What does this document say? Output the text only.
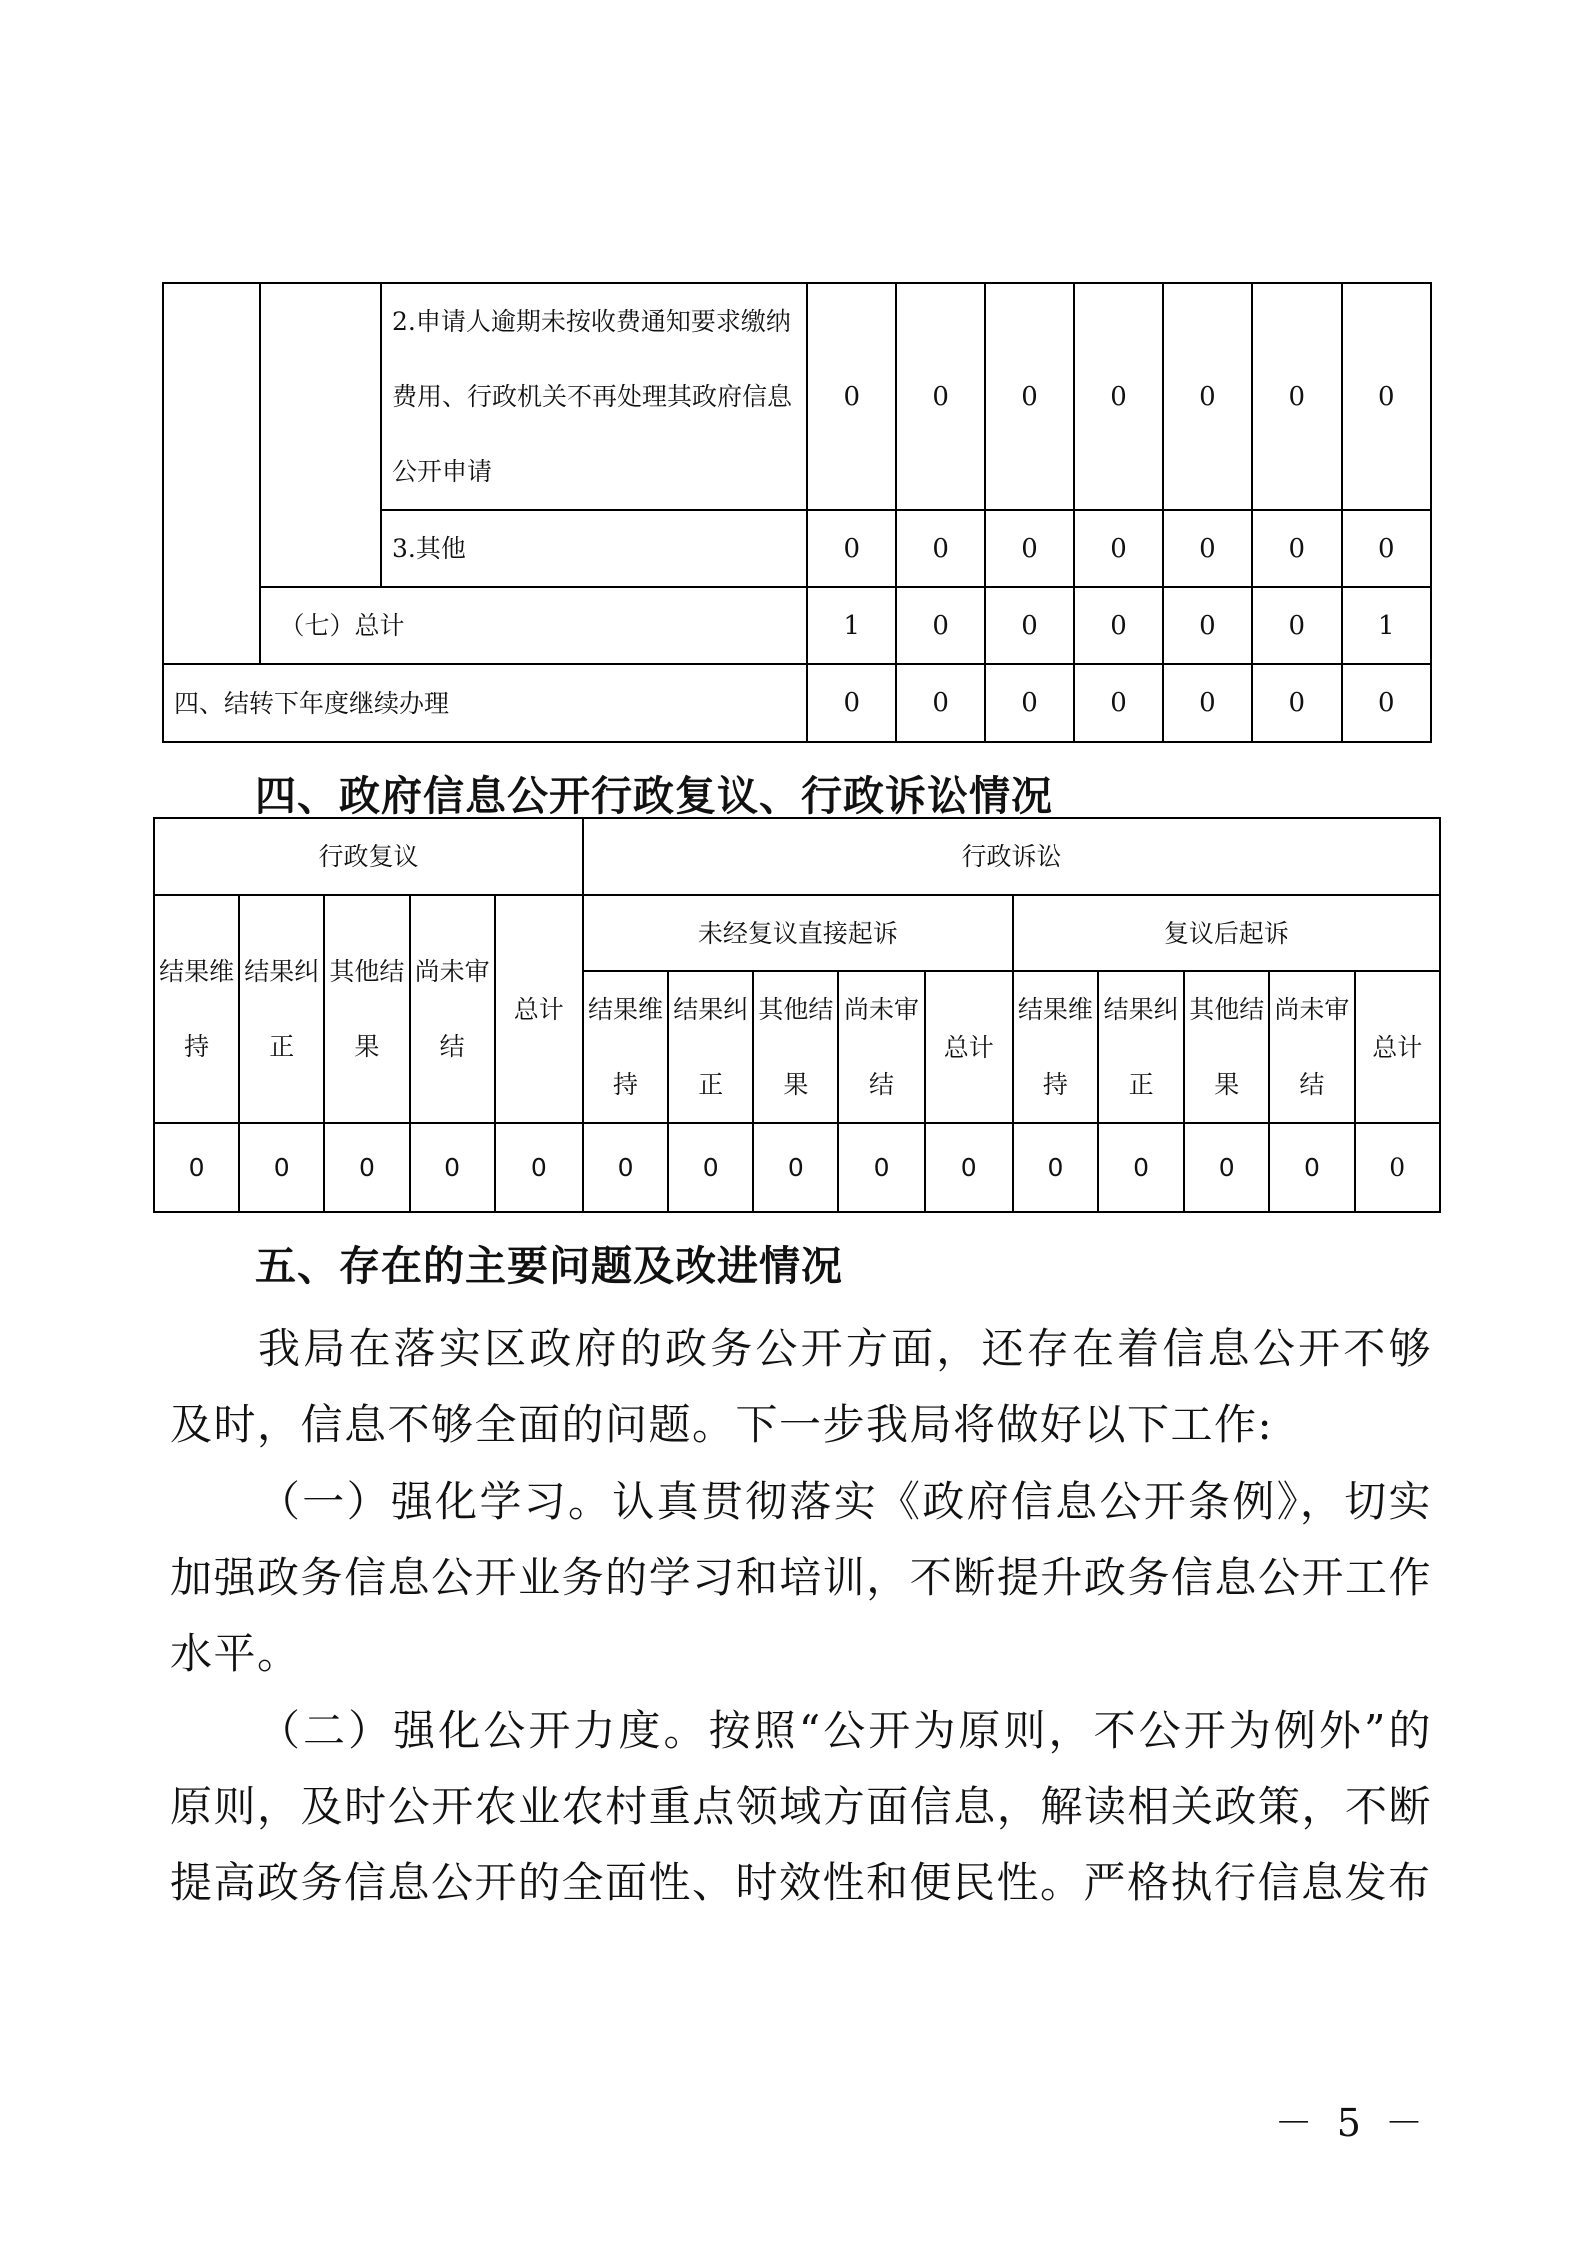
		2.申请人逾期未按收费通知要求缴纳费用、行政机关不再处理其政府信息公开申请	0	0	0	0	0	0	0
		3.其他	0	0	0	0	0	0	0
	（七）总计		1	0	0	0	0	0	1
四、结转下年度继续办理			0	0	0	0	0	0	0
四、政府信息公开行政复议、行政诉讼情况
行政复议					行政诉讼									
结果维持	结果纠正	其他结果	尚未审结	总计	未经复议直接起诉					复议后起诉				
					结果维持	结果纠正	其他结果	尚未审结	总计	结果维持	结果纠正	其他结果	尚未审结	总计
0	0	0	0	0	0	0	0	0	0	0	0	0	0	0
五、存在的主要问题及改进情况

我局在落实区政府的政务公开方面，还存在着信息公开不够及时，信息不够全面的问题。下一步我局将做好以下工作:

（一）强化学习。认真贯彻落实《政府信息公开条例》，切实加强政务信息公开业务的学习和培训，不断提升政务信息公开工作水平。

（二）强化公开力度。按照“公开为原则，不公开为例外”的原则，及时公开农业农村重点领域方面信息，解读相关政策，不断提高政务信息公开的全面性、时效性和便民性。严格执行信息发布

－ 5 －
